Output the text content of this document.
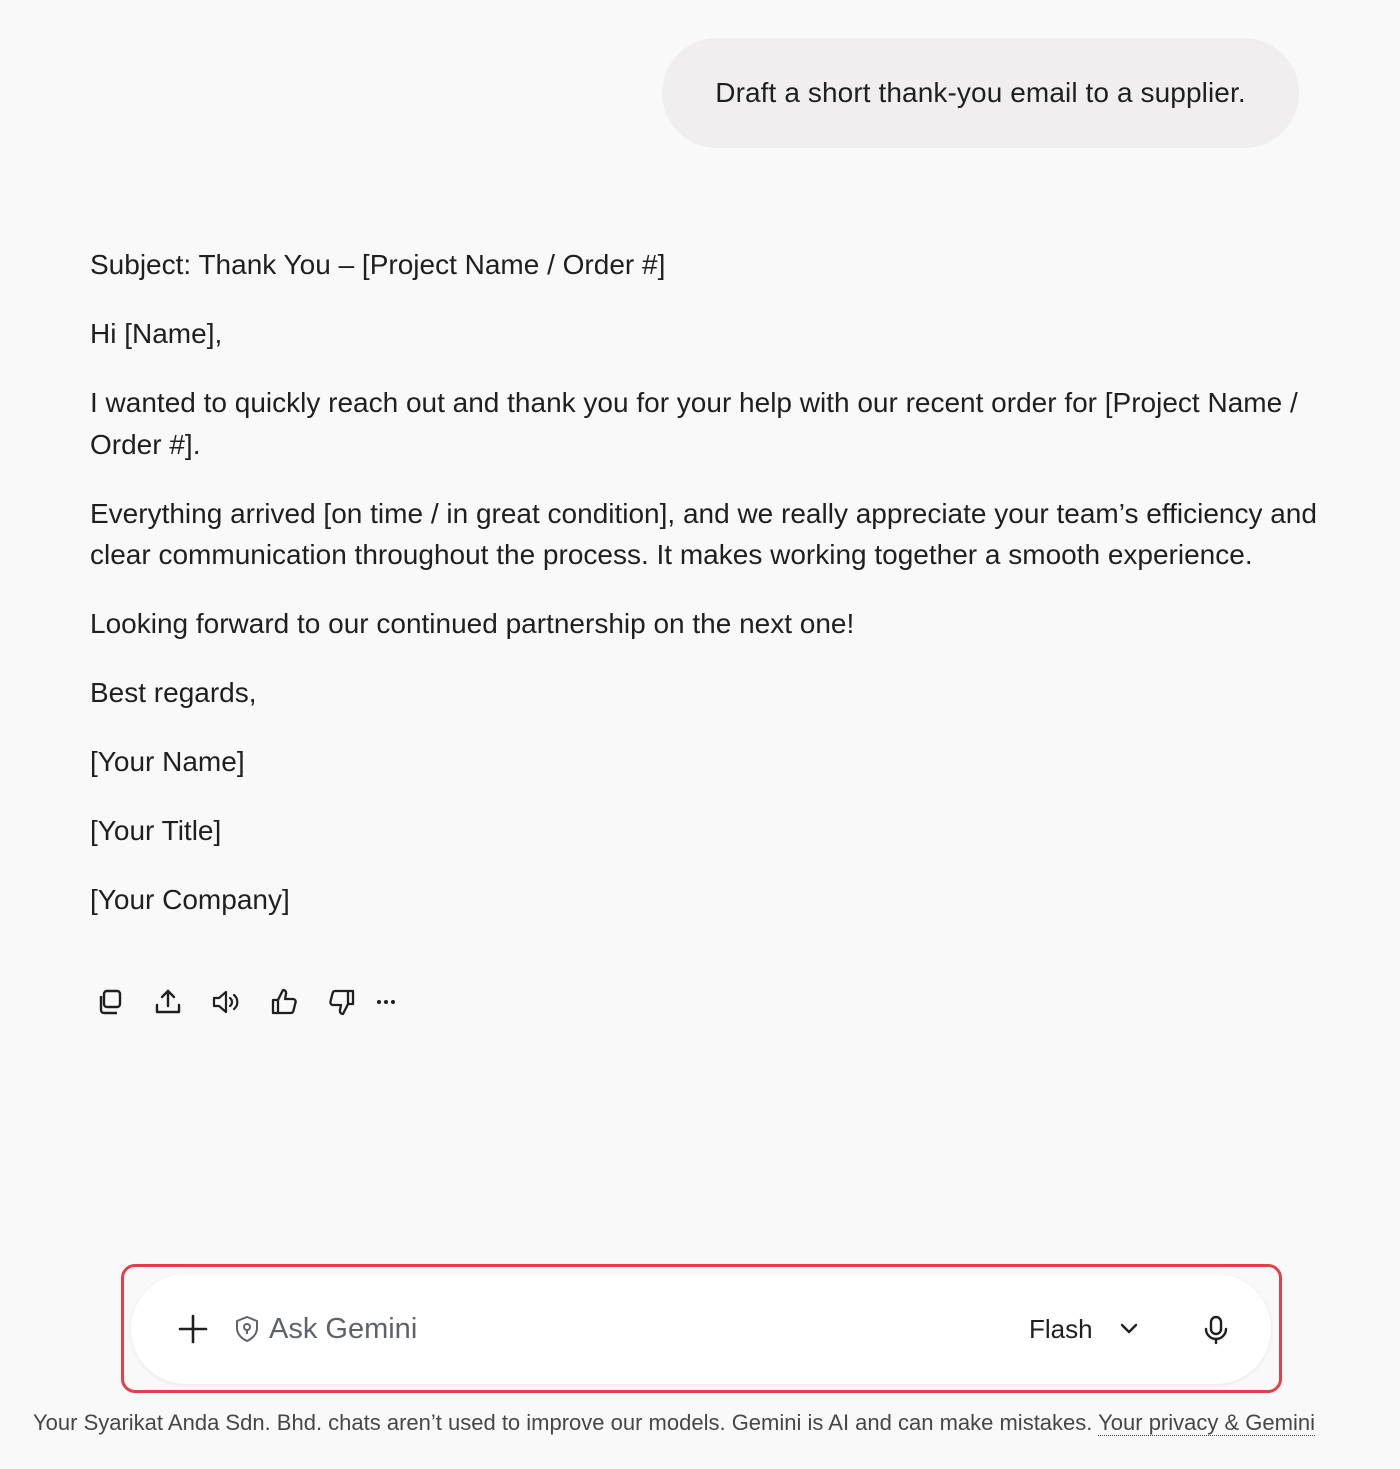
Draft a short thank-you email to a supplier.

Subject: Thank You – [Project Name / Order #]

Hi [Name],

I wanted to quickly reach out and thank you for your help with our recent order for [Project Name / Order #].

Everything arrived [on time / in great condition], and we really appreciate your team’s efficiency and clear communication throughout the process. It makes working together a smooth experience.

Looking forward to our continued partnership on the next one!

Best regards,

[Your Name]

[Your Title]

[Your Company]

Ask Gemini
Flash
Your Syarikat Anda Sdn. Bhd. chats aren’t used to improve our models. Gemini is AI and can make mistakes. Your privacy & Gemini
